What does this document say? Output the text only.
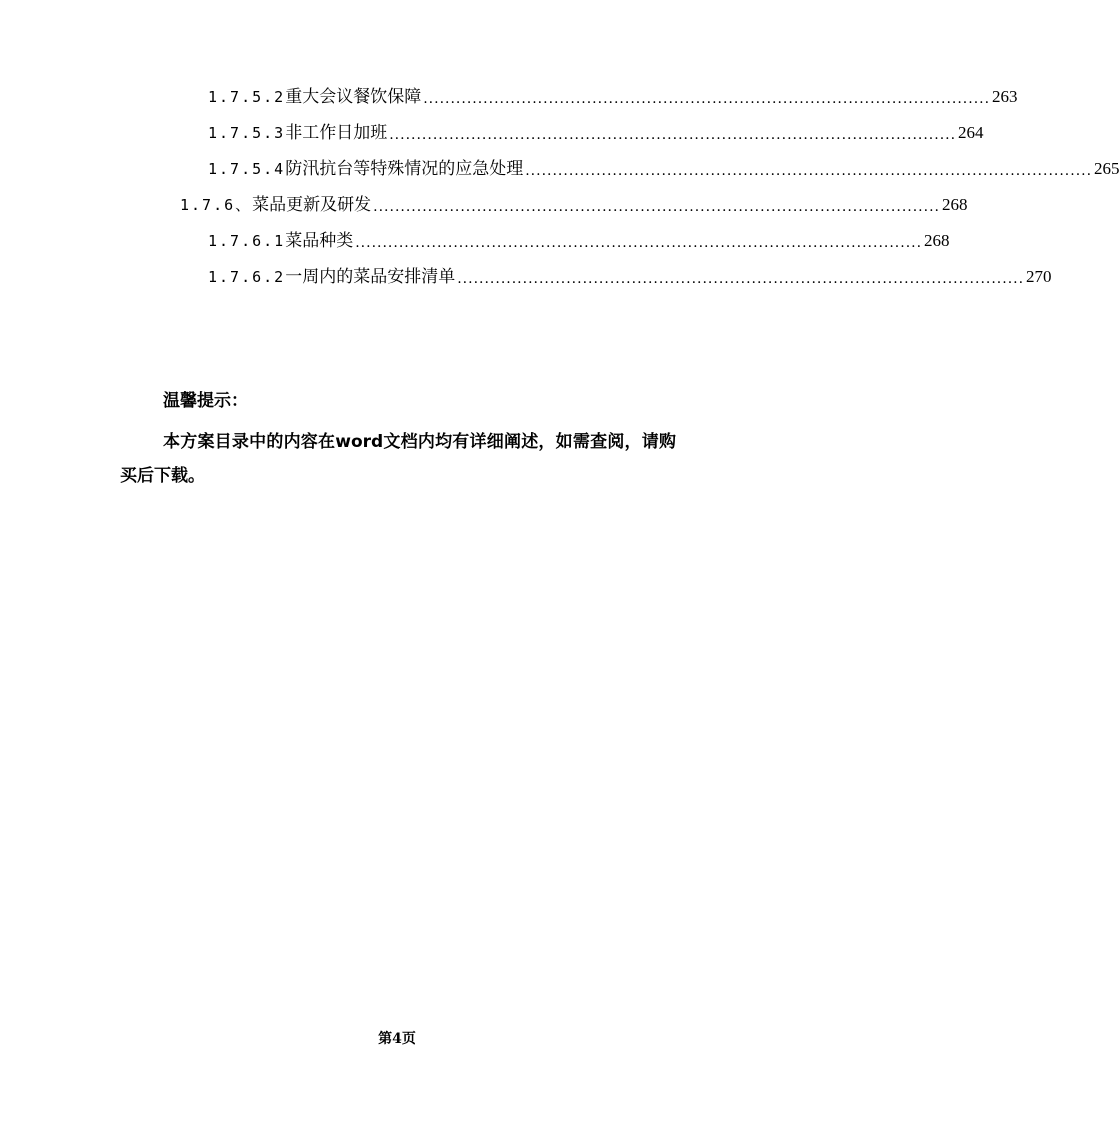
1.7.5.2 重大会议餐饮保障 ........................................................................................................ 263
1.7.5.3 非工作日加班 ........................................................................................................ 264
1.7.5.4 防汛抗台等特殊情况的应急处理 ........................................................................................................ 265
1.7.6、 菜品更新及研发 ........................................................................................................ 268
1.7.6.1 菜品种类 ........................................................................................................ 268
1.7.6.2 一周内的菜品安排清单 ........................................................................................................ 270
温馨提示：
本方案目录中的内容在word文档内均有详细阐述，如需查阅，请购买后下载。
第4页
